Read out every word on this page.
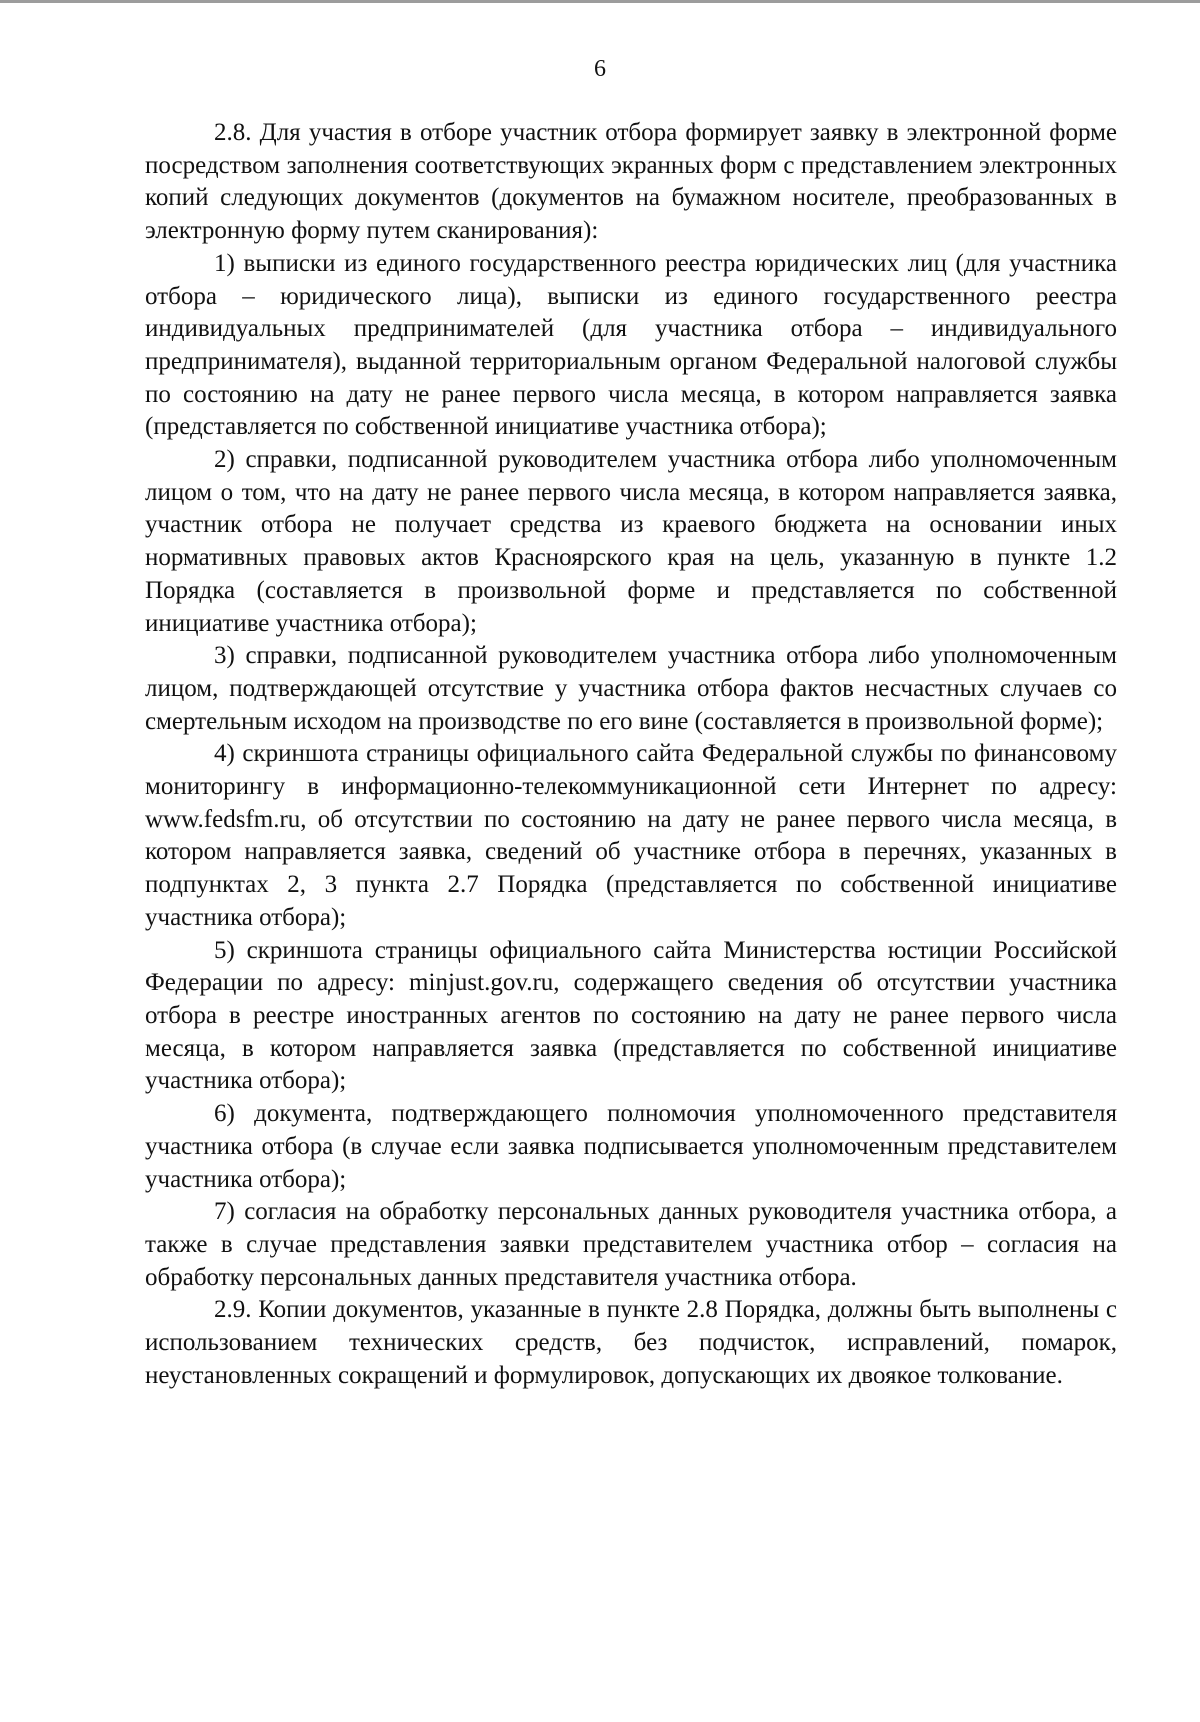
6

2.8. Для участия в отборе участник отбора формирует заявку в электронной форме посредством заполнения соответствующих экранных форм с представлением электронных копий следующих документов (документов на бумажном носителе, преобразованных в электронную форму путем сканирования):

1) выписки из единого государственного реестра юридических лиц (для участника отбора – юридического лица), выписки из единого государственного реестра индивидуальных предпринимателей (для участника отбора – индивидуального предпринимателя), выданной территориальным органом Федеральной налоговой службы по состоянию на дату не ранее первого числа месяца, в котором направляется заявка (представляется по собственной инициативе участника отбора);

2) справки, подписанной руководителем участника отбора либо уполномоченным лицом о том, что на дату не ранее первого числа месяца, в котором направляется заявка, участник отбора не получает средства из краевого бюджета на основании иных нормативных правовых актов Красноярского края на цель, указанную в пункте 1.2 Порядка (составляется в произвольной форме и представляется по собственной инициативе участника отбора);

3) справки, подписанной руководителем участника отбора либо уполномоченным лицом, подтверждающей отсутствие у участника отбора фактов несчастных случаев со смертельным исходом на производстве по его вине (составляется в произвольной форме);

4) скриншота страницы официального сайта Федеральной службы по финансовому мониторингу в информационно-телекоммуникационной сети Интернет по адресу: www.fedsfm.ru, об отсутствии по состоянию на дату не ранее первого числа месяца, в котором направляется заявка, сведений об участнике отбора в перечнях, указанных в подпунктах 2, 3 пункта 2.7 Порядка (представляется по собственной инициативе участника отбора);

5) скриншота страницы официального сайта Министерства юстиции Российской Федерации по адресу: minjust.gov.ru, содержащего сведения об отсутствии участника отбора в реестре иностранных агентов по состоянию на дату не ранее первого числа месяца, в котором направляется заявка (представляется по собственной инициативе участника отбора);

6) документа, подтверждающего полномочия уполномоченного представителя участника отбора (в случае если заявка подписывается уполномоченным представителем участника отбора);

7) согласия на обработку персональных данных руководителя участника отбора, а также в случае представления заявки представителем участника отбор – согласия на обработку персональных данных представителя участника отбора.

2.9. Копии документов, указанные в пункте 2.8 Порядка, должны быть выполнены с использованием технических средств, без подчисток, исправлений, помарок, неустановленных сокращений и формулировок, допускающих их двоякое толкование.
